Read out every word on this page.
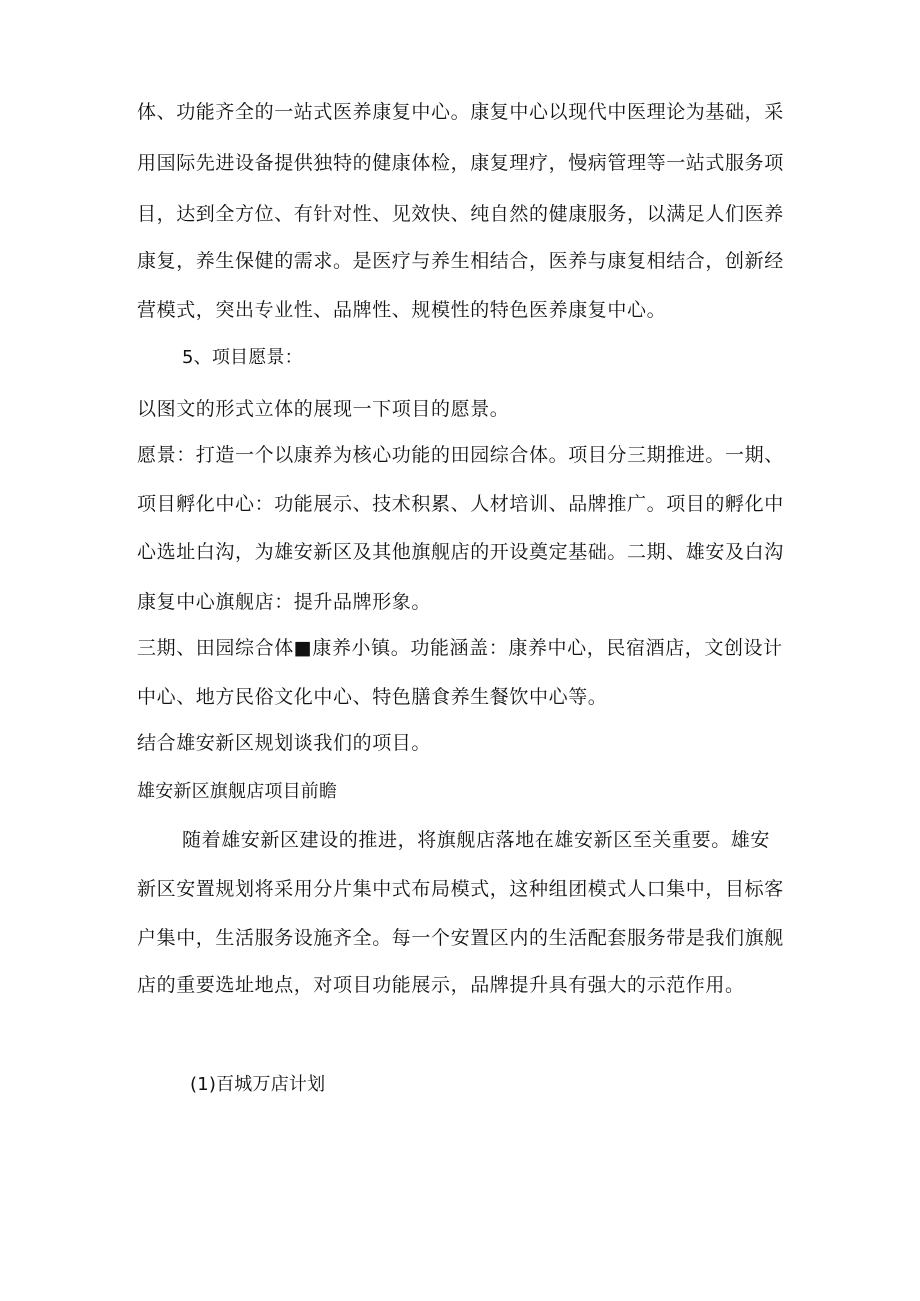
体、功能齐全的一站式医养康复中心。康复中心以现代中医理论为基础，采
用国际先进设备提供独特的健康体检，康复理疗，慢病管理等一站式服务项
目，达到全方位、有针对性、见效快、纯自然的健康服务，以满足人们医养
康复，养生保健的需求。是医疗与养生相结合，医养与康复相结合，创新经
营模式，突出专业性、品牌性、规模性的特色医养康复中心。
5、项目愿景：
以图文的形式立体的展现一下项目的愿景。
愿景：打造一个以康养为核心功能的田园综合体。项目分三期推进。一期、
项目孵化中心：功能展示、技术积累、人材培训、品牌推广。项目的孵化中
心选址白沟，为雄安新区及其他旗舰店的开设奠定基础。二期、雄安及白沟
康复中心旗舰店：提升品牌形象。
三期、田园综合体■康养小镇。功能涵盖：康养中心，民宿酒店，文创设计
中心、地方民俗文化中心、特色膳食养生餐饮中心等。
结合雄安新区规划谈我们的项目。
雄安新区旗舰店项目前瞻
随着雄安新区建设的推进，将旗舰店落地在雄安新区至关重要。雄安
新区安置规划将采用分片集中式布局模式，这种组团模式人口集中，目标客
户集中，生活服务设施齐全。每一个安置区内的生活配套服务带是我们旗舰
店的重要选址地点，对项目功能展示，品牌提升具有强大的示范作用。
(1)百城万店计划
